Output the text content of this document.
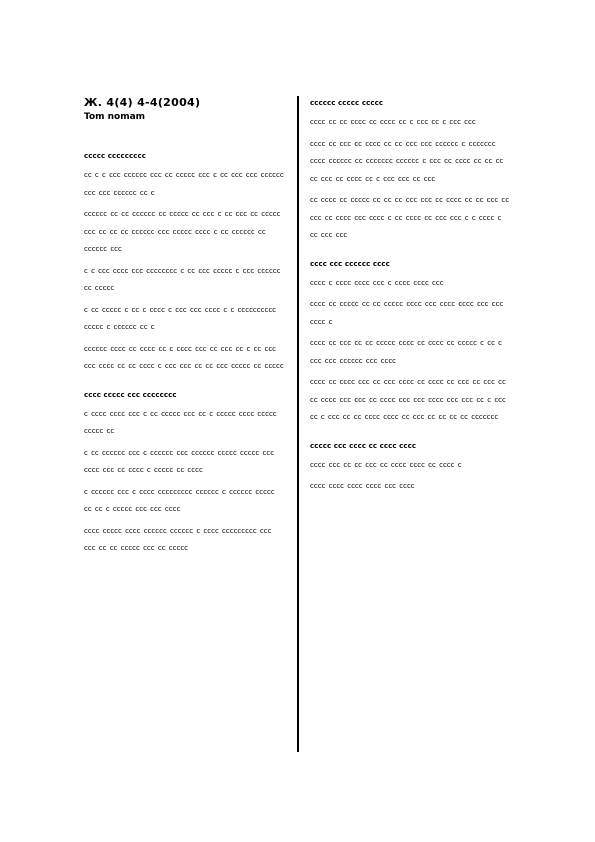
Ж. 4(4) 4-4(2004)
Tom nomam
ccccc ccccccccc

cc c c ccc cccccc ccc cc ccccc ccc c cc ccc ccc cccccc ccc ccc cccccc cc c

cccccc cc cc cccccc cc ccccc cc ccc c cc ccc cc ccccc ccc cc cc cc cccccc ccc ccccc cccc c cc cccccc cc cccccc ccc

c c ccc cccc ccc cccccccc c cc ccc ccccc c ccc cccccc cc ccccc

c cc ccccc c cc c cccc c ccc ccc cccc c c cccccccccc ccccc c cccccc cc c

cccccc cccc cc cccc cc c cccc ccc cc ccc cc c cc ccc ccc cccc cc cc cccc c ccc ccc cc cc ccc ccccc cc ccccc

cccc ccccc ccc cccccccc

c cccc cccc ccc c cc ccccc ccc cc c ccccc cccc ccccc ccccc cc

c cc cccccc ccc c cccccc ccc cccccc ccccc ccccc ccc cccc ccc cc cccc c ccccc cc cccc

c cccccc ccc c cccc ccccccccc cccccc c cccccc ccccc cc cc c ccccc ccc ccc cccc

cccc ccccc cccc cccccc cccccc c cccc ccccccccc ccc ccc cc cc ccccc ccc cc ccccc

cccccc ccccc ccccc

cccc cc cc cccc cc cccc cc c ccc cc c ccc ccc

cccc cc ccc cc cccc cc cc ccc ccc cccccc c ccccccc cccc cccccc cc ccccccc cccccc c ccc cc cccc cc cc cc cc ccc cc cccc cc c ccc ccc cc ccc

cc cccc cc ccccc cc cc cc ccc ccc cc cccc cc cc ccc cc ccc cc cccc ccc cccc c cc cccc cc ccc ccc c c cccc c cc ccc ccc

cccc ccc cccccc cccc

cccc c cccc cccc ccc c cccc cccc ccc

cccc cc ccccc cc cc ccccc cccc ccc cccc cccc ccc ccc cccc c

cccc cc ccc cc cc ccccc cccc cc cccc cc ccccc c cc c ccc ccc cccccc ccc cccc

cccc cc cccc ccc cc ccc cccc cc cccc cc ccc cc ccc cc cc cccc ccc ccc cc cccc ccc ccc cccc ccc ccc cc c ccc cc c ccc cc cc cccc cccc cc ccc cc cc cc cc ccccccc

ccccc ccc cccc cc cccc cccc

cccc ccc cc cc ccc cc cccc cccc cc cccc c

cccc cccc cccc cccc ccc cccc
